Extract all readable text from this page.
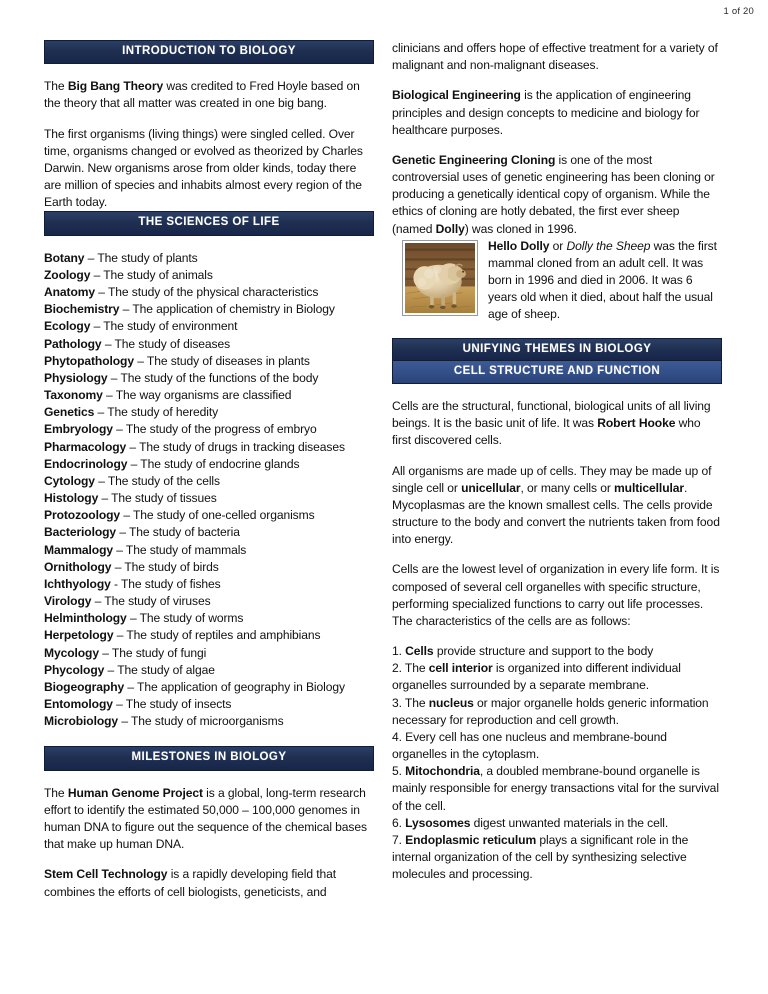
1 of 20
INTRODUCTION TO BIOLOGY

The Big Bang Theory was credited to Fred Hoyle based on the theory that all matter was created in one big bang.

The first organisms (living things) were singled celled. Over time, organisms changed or evolved as theorized by Charles Darwin. New organisms arose from older kinds, today there are million of species and inhabits almost every region of the Earth today.

THE SCIENCES OF LIFE
Botany – The study of plants
Zoology – The study of animals
Anatomy – The study of the physical characteristics
Biochemistry – The application of chemistry in Biology
Ecology – The study of environment
Pathology – The study of diseases
Phytopathology – The study of diseases in plants
Physiology – The study of the functions of the body
Taxonomy – The way organisms are classified
Genetics – The study of heredity
Embryology – The study of the progress of embryo
Pharmacology – The study of drugs in tracking diseases
Endocrinology – The study of endocrine glands
Cytology – The study of the cells
Histology – The study of tissues
Protozoology – The study of one-celled organisms
Bacteriology – The study of bacteria
Mammalogy – The study of mammals
Ornithology – The study of birds
Ichthyology - The study of fishes
Virology – The study of viruses
Helminthology – The study of worms
Herpetology – The study of reptiles and amphibians
Mycology – The study of fungi
Phycology – The study of algae
Biogeography – The application of geography in Biology
Entomology – The study of insects
Microbiology – The study of microorganisms
MILESTONES IN BIOLOGY

The Human Genome Project is a global, long-term research effort to identify the estimated 50,000 – 100,000 genomes in human DNA to figure out the sequence of the chemical bases that make up human DNA.

Stem Cell Technology is a rapidly developing field that combines the efforts of cell biologists, geneticists, and

clinicians and offers hope of effective treatment for a variety of malignant and non-malignant diseases.

Biological Engineering is the application of engineering principles and design concepts to medicine and biology for healthcare purposes.

Genetic Engineering Cloning is one of the most controversial uses of genetic engineering has been cloning or producing a genetically identical copy of organism. While the ethics of cloning are hotly debated, the first ever sheep (named Dolly) was cloned in 1996.

Hello Dolly or Dolly the Sheep was the first mammal cloned from an adult cell. It was born in 1996 and died in 2006. It was 6 years old when it died, about half the usual age of sheep.
UNIFYING THEMES IN BIOLOGY
CELL STRUCTURE AND FUNCTION

Cells are the structural, functional, biological units of all living beings. It is the basic unit of life. It was Robert Hooke who first discovered cells.

All organisms are made up of cells. They may be made up of single cell or unicellular, or many cells or multicellular. Mycoplasmas are the known smallest cells. The cells provide structure to the body and convert the nutrients taken from food into energy.

Cells are the lowest level of organization in every life form. It is composed of several cell organelles with specific structure, performing specialized functions to carry out life processes.

The characteristics of the cells are as follows:

1. Cells provide structure and support to the body
2. The cell interior is organized into different individual organelles surrounded by a separate membrane.
3. The nucleus or major organelle holds generic information necessary for reproduction and cell growth.
4. Every cell has one nucleus and membrane-bound organelles in the cytoplasm.
5. Mitochondria, a doubled membrane-bound organelle is mainly responsible for energy transactions vital for the survival of the cell.
6. Lysosomes digest unwanted materials in the cell.
7. Endoplasmic reticulum plays a significant role in the internal organization of the cell by synthesizing selective molecules and processing.
